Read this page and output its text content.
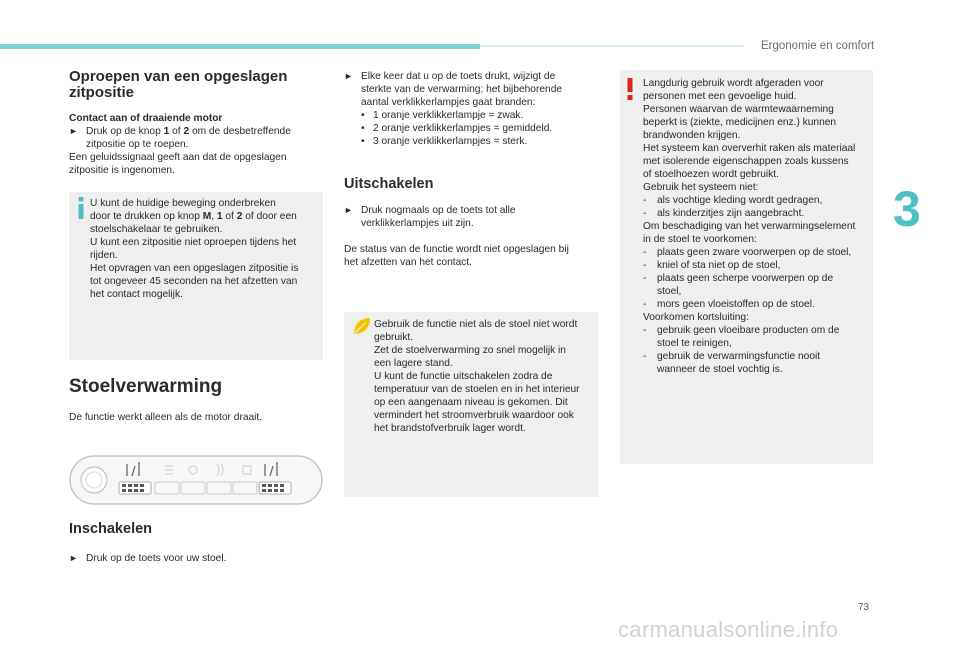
Ergonomie en comfort
3
Oproepen van een opgeslagen
zitpositie

Contact aan of draaiende motor

► Druk op de knop 1 of 2 om de desbetreffende

zitpositie op te roepen.

Een geluidssignaal geeft aan dat de opgeslagen

zitpositie is ingenomen.

U kunt de huidige beweging onderbreken

door te drukken op knop M, 1 of 2 of door een

stoelschakelaar te gebruiken.

U kunt een zitpositie niet oproepen tijdens het

rijden.

Het opvragen van een opgeslagen zitpositie is

tot ongeveer 45 seconden na het afzetten van

het contact mogelijk.

Stoelverwarming
De functie werkt alleen als de motor draait.
Inschakelen

► Druk op de toets voor uw stoel.

► Elke keer dat u op de toets drukt, wijzigt de

sterkte van de verwarming; het bijbehorende

aantal verklikkerlampjes gaat branden:

• 1 oranje verklikkerlampje = zwak.

• 2 oranje verklikkerlampjes = gemiddeld.

• 3 oranje verklikkerlampjes = sterk.

Uitschakelen

► Druk nogmaals op de toets tot alle

verklikkerlampjes uit zijn.

De status van de functie wordt niet opgeslagen bij

het afzetten van het contact.

Gebruik de functie niet als de stoel niet wordt

gebruikt.

Zet de stoelverwarming zo snel mogelijk in

een lagere stand.

U kunt de functie uitschakelen zodra de

temperatuur van de stoelen en in het interieur

op een aangenaam niveau is gekomen. Dit

vermindert het stroomverbruik waardoor ook

het brandstofverbruik lager wordt.

Langdurig gebruik wordt afgeraden voor

personen met een gevoelige huid.

Personen waarvan de warmtewaarneming

beperkt is (ziekte, medicijnen enz.) kunnen

brandwonden krijgen.

Het systeem kan oververhit raken als materiaal

met isolerende eigenschappen zoals kussens

of stoelhoezen wordt gebruikt.

Gebruik het systeem niet:

- als vochtige kleding wordt gedragen,

- als kinderzitjes zijn aangebracht.

Om beschadiging van het verwarmingselement

in de stoel te voorkomen:

- plaats geen zware voorwerpen op de stoel,

- kniel of sta niet op de stoel,

- plaats geen scherpe voorwerpen op de

stoel,

- mors geen vloeistoffen op de stoel.

Voorkomen kortsluiting:

- gebruik geen vloeibare producten om de

stoel te reinigen,

- gebruik de verwarmingsfunctie nooit

wanneer de stoel vochtig is.

73
carmanualsonline.info
